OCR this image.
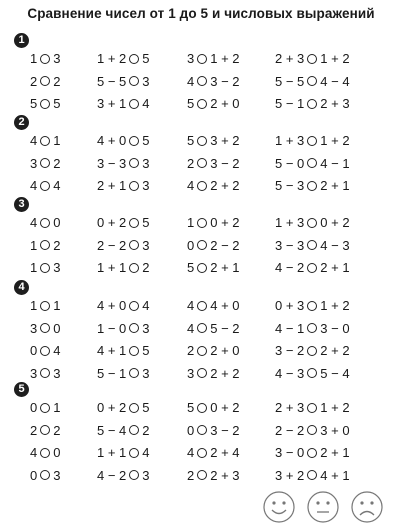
Сравнение чисел от 1 до 5 и числовых выражений
1
1 3	1 + 2 5	3 1 + 2	2 + 3 1 + 2
2 2	5 − 5 3	4 3 − 2	5 − 5 4 − 4
5 5	3 + 1 4	5 2 + 0	5 − 1 2 + 3
2
4 1	4 + 0 5	5 3 + 2	1 + 3 1 + 2
3 2	3 − 3 3	2 3 − 2	5 − 0 4 − 1
4 4	2 + 1 3	4 2 + 2	5 − 3 2 + 1
3
4 0	0 + 2 5	1 0 + 2	1 + 3 0 + 2
1 2	2 − 2 3	0 2 − 2	3 − 3 4 − 3
1 3	1 + 1 2	5 2 + 1	4 − 2 2 + 1
4
1 1	4 + 0 4	4 4 + 0	0 + 3 1 + 2
3 0	1 − 0 3	4 5 − 2	4 − 1 3 − 0
0 4	4 + 1 5	2 2 + 0	3 − 2 2 + 2
3 3	5 − 1 3	3 2 + 2	4 − 3 5 − 4
5
0 1	0 + 2 5	5 0 + 2	2 + 3 1 + 2
2 2	5 − 4 2	0 3 − 2	2 − 2 3 + 0
4 0	1 + 1 4	4 2 + 4	3 − 0 2 + 1
0 3	4 − 2 3	2 2 + 3	3 + 2 4 + 1
